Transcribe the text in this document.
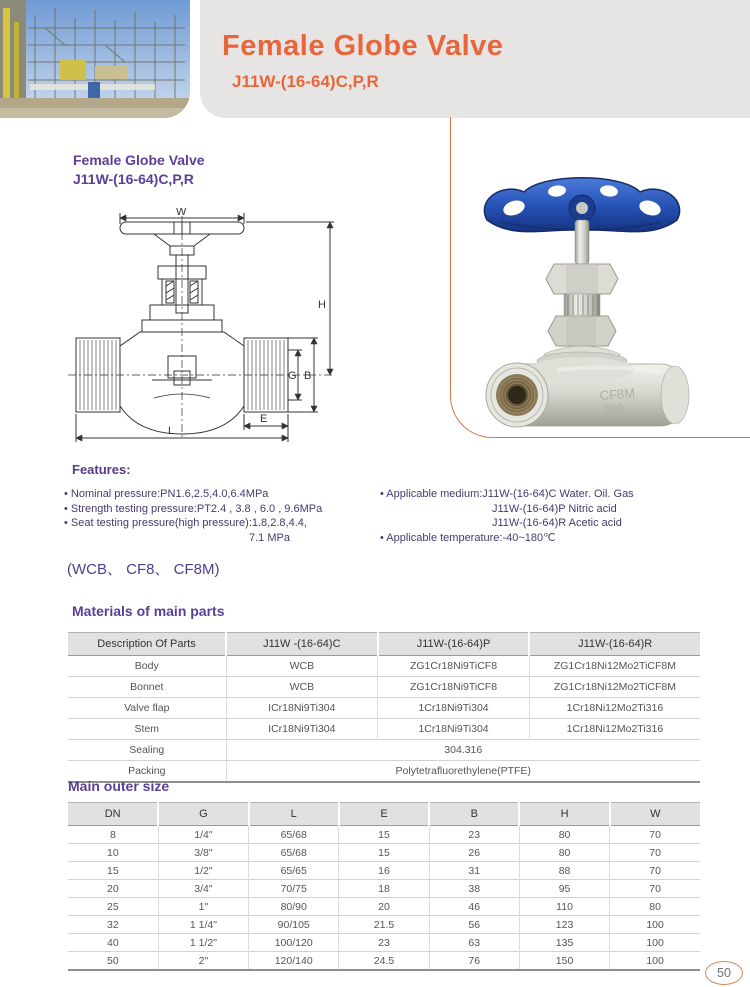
Female Globe Valve
J11W-(16-64)C,P,R
Female Globe Valve
J11W-(16-64)C,P,R
W
H
G B
L
E
CF8M
200
Features:
• Nominal pressure:PN1.6,2.5,4.0,6.4MPa
• Strength testing pressure:PT2.4 , 3.8 , 6.0 , 9.6MPa
• Seat testing pressure(high pressure):1.8,2.8,4.4,
7.1 MPa
• Applicable medium:J11W-(16-64)C Water. Oil. Gas
J11W-(16-64)P Nitric acid
J11W-(16-64)R Acetic acid
• Applicable temperature:-40~180℃
(WCB、 CF8、 CF8M)
Materials of main parts
Description Of Parts	J11W -(16-64)C	J11W-(16-64)P	J11W-(16-64)R
Body	WCB	ZG1Cr18Ni9TiCF8	ZG1Cr18Ni12Mo2TiCF8M
Bonnet	WCB	ZG1Cr18Ni9TiCF8	ZG1Cr18Ni12Mo2TiCF8M
Valve flap	ICr18Ni9Ti304	1Cr18Ni9Ti304	1Cr18Ni12Mo2Ti316
Stem	ICr18Ni9Ti304	1Cr18Ni9Ti304	1Cr18Ni12Mo2Ti316
Sealing	304.316		
Packing	Polytetrafluorethylene(PTFE)		
Main outer size
DN	G	L	E	B	H	W
8	1/4"	65/68	15	23	80	70
10	3/8"	65/68	15	26	80	70
15	1/2"	65/65	16	31	88	70
20	3/4"	70/75	18	38	95	70
25	1"	80/90	20	46	110	80
32	1 1/4"	90/105	21.5	56	123	100
40	1 1/2"	100/120	23	63	135	100
50	2"	120/140	24.5	76	150	100
50
